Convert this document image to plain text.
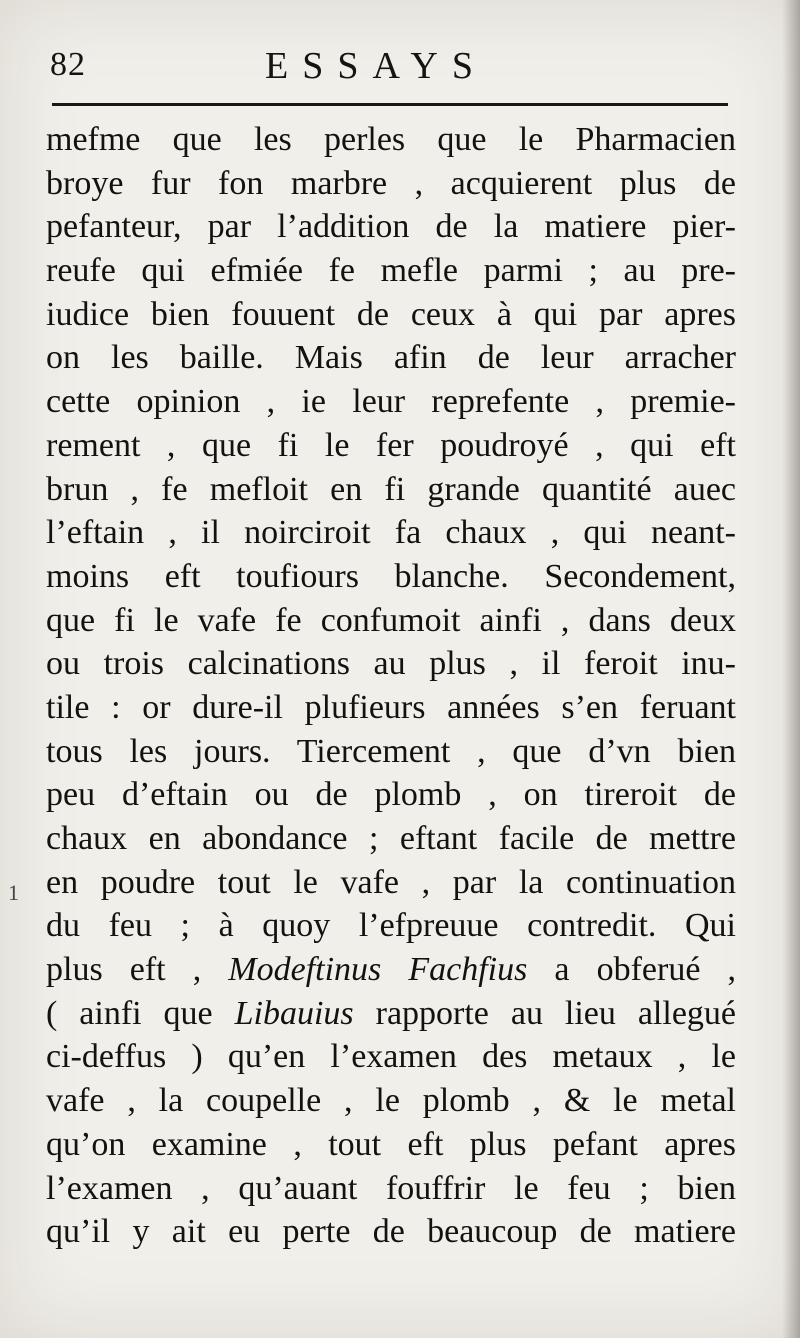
82	ESSAYS
1
mefme que les perles que le Pharmacien
broye fur fon marbre , acquierent plus de
pefanteur, par l’addition de la matiere pier-
reufe qui efmiée fe mefle parmi ; au pre-
iudice bien fouuent de ceux à qui par apres
on les baille. Mais afin de leur arracher
cette opinion , ie leur reprefente , premie-
rement , que fi le fer poudroyé , qui eft
brun , fe mefloit en fi grande quantité auec
l’eftain , il noirciroit fa chaux , qui neant-
moins eft toufiours blanche. Secondement,
que fi le vafe fe confumoit ainfi , dans deux
ou trois calcinations au plus , il feroit inu-
tile : or dure-il plufieurs années s’en feruant
tous les jours. Tiercement , que d’vn bien
peu d’eftain ou de plomb , on tireroit de
chaux en abondance ; eftant facile de mettre
en poudre tout le vafe , par la continuation
du feu ; à quoy l’efpreuue contredit. Qui
plus eft , Modeftinus Fachfius a obferué ,
( ainfi que Libauius rapporte au lieu allegué
ci-deffus ) qu’en l’examen des metaux , le
vafe , la coupelle , le plomb , & le metal
qu’on examine , tout eft plus pefant apres
l’examen , qu’auant fouffrir le feu ; bien
qu’il y ait eu perte de beaucoup de matiere
